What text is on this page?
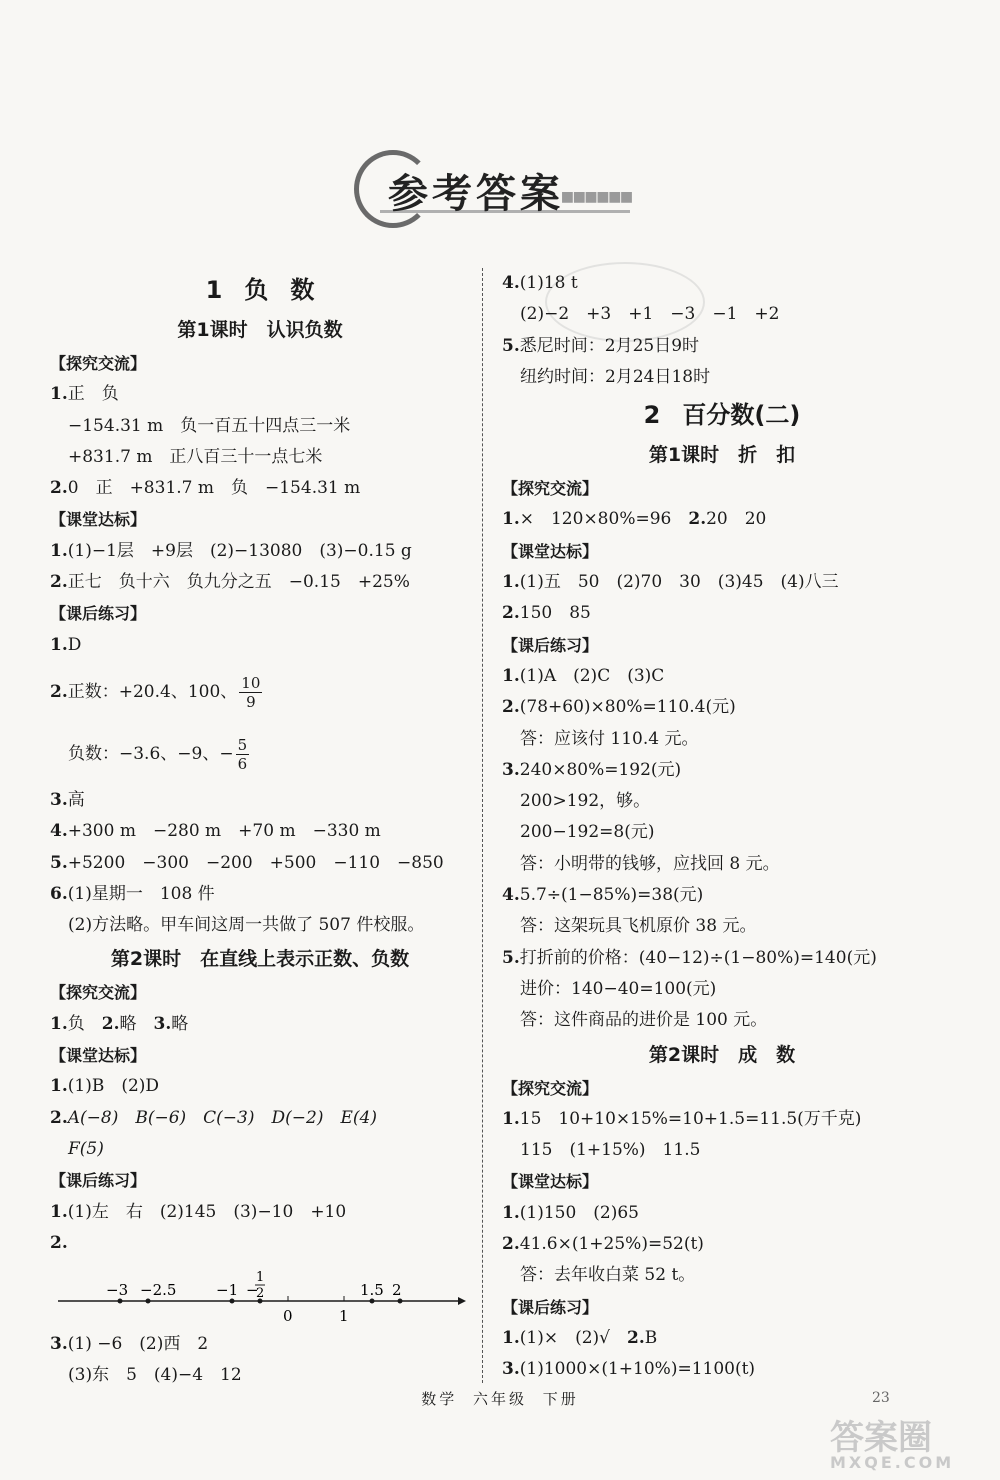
参考答案
■■■■■■
1 负 数
第1课时　 认识负数
【探究交流】
1.正　负
−154.31 m　负一百五十四点三一米
+831.7 m　正八百三十一点七米
2.0　正　+831.7 m　负　−154.31 m
【课堂达标】
1.(1)−1层　+9层　(2)−13080　(3)−0.15 g
2.正七　负十六　负九分之五　−0.15　+25%
【课后练习】
1.D
2.正数：+20.4、100、 $\frac{10}{9}$
负数：−3.6、−9、− $\frac{5}{6}$
3.高
4.+300 m　−280 m　+70 m　−330 m
5.+5200　−300　−200　+500　−110　−850
6.(1)星期一　108 件
(2)方法略。甲车间这周一共做了 507 件校服。
第2课时　 在直线上表示正数、负数
【探究交流】
1.负　2.略　3.略
【课堂达标】
1.(1)B　(2)D
2.A(−8)　B(−6)　C(−3)　D(−2)　E(4)
F(5)
【课后练习】
1.(1)左　右　(2)145　(3)−10　+10
2.
−3 −2.5	−1 −
1
2	1.5 2
0	1
3.(1) −6　(2)西　2
(3)东　5　(4)−4　12
4.(1)18 t
(2)−2　+3　+1　−3　−1　+2
5.悉尼时间：2月25日9时
纽约时间：2月24日18时
2 百分数(二)
第1课时　 折　 扣
【探究交流】
1.×　120×80%=96　2.20　20
【课堂达标】
1.(1)五　50　(2)70　30　(3)45　(4)八三
2.150　85
【课后练习】
1.(1)A　(2)C　(3)C
2.(78+60)×80%=110.4(元)
答：应该付 110.4 元。
3.240×80%=192(元)
200>192，够。
200−192=8(元)
答：小明带的钱够，应找回 8 元。
4.5.7÷(1−85%)=38(元)
答：这架玩具飞机原价 38 元。
5.打折前的价格：(40−12)÷(1−80%)=140(元)
进价：140−40=100(元)
答：这件商品的进价是 100 元。
第2课时　 成　 数
【探究交流】
1.15　10+10×15%=10+1.5=11.5(万千克)
115　(1+15%)　11.5
【课堂达标】
1.(1)150　(2)65
2.41.6×(1+25%)=52(t)
答：去年收白菜 52 t。
【课后练习】
1.(1)×　(2)√　2.B
3.(1)1000×(1+10%)=1100(t)
数学 六年级 下册	23
答案圈
MXQE.COM
